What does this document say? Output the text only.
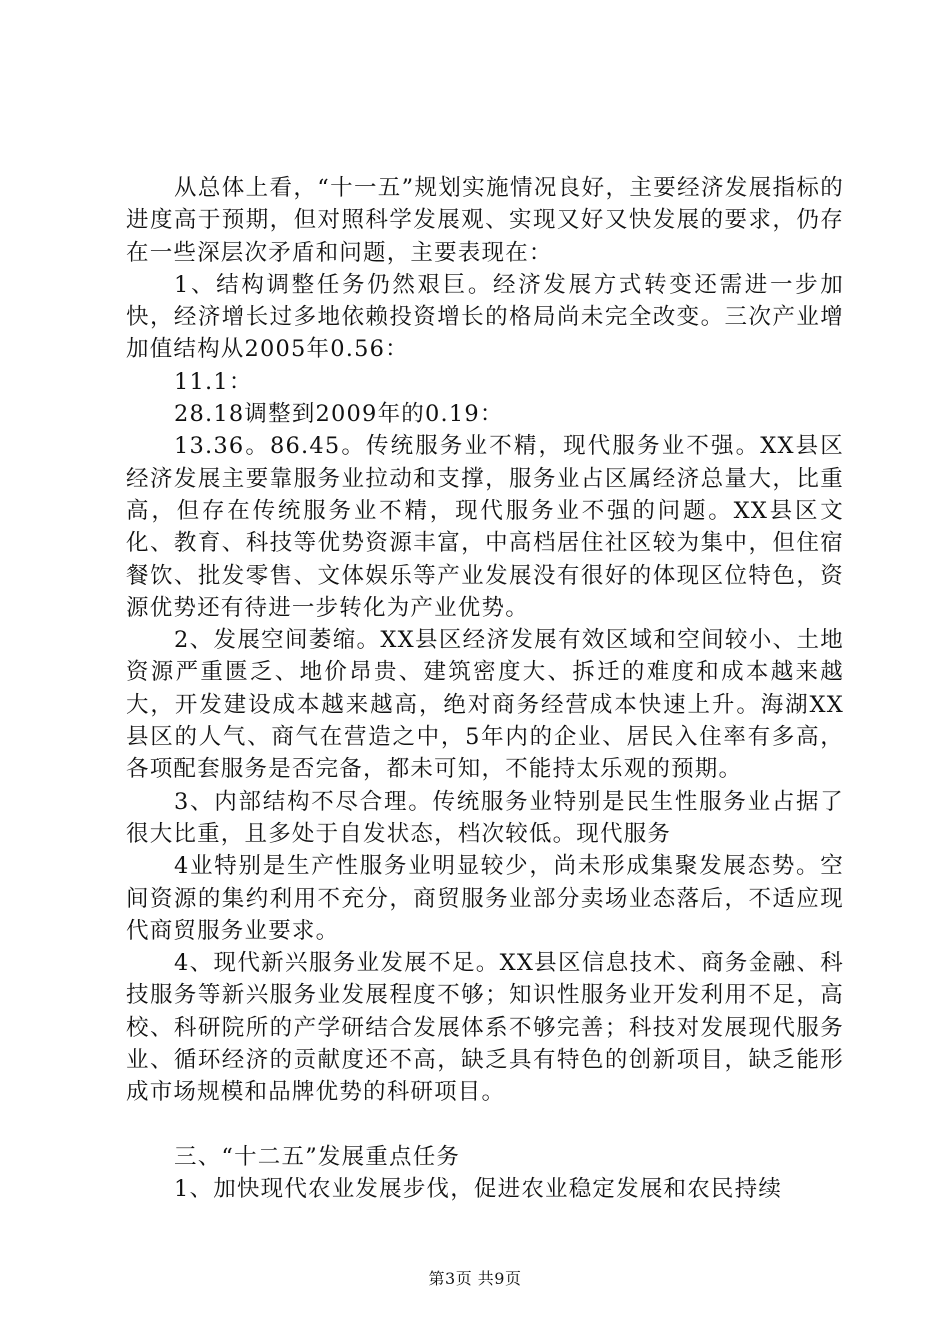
从总体上看，“十一五”规划实施情况良好，主要经济发展指标的进度高于预期，但对照科学发展观、实现又好又快发展的要求，仍存在一些深层次矛盾和问题，主要表现在：

1、结构调整任务仍然艰巨。经济发展方式转变还需进一步加快，经济增长过多地依赖投资增长的格局尚未完全改变。三次产业增加值结构从2005年0.56：

11.1：

28.18调整到2009年的0.19：

13.36。86.45。传统服务业不精，现代服务业不强。XX县区经济发展主要靠服务业拉动和支撑，服务业占区属经济总量大，比重高，但存在传统服务业不精，现代服务业不强的问题。XX县区文化、教育、科技等优势资源丰富，中高档居住社区较为集中，但住宿餐饮、批发零售、文体娱乐等产业发展没有很好的体现区位特色，资源优势还有待进一步转化为产业优势。

2、发展空间萎缩。XX县区经济发展有效区域和空间较小、土地资源严重匮乏、地价昂贵、建筑密度大、拆迁的难度和成本越来越大，开发建设成本越来越高，绝对商务经营成本快速上升。海湖XX县区的人气、商气在营造之中，5年内的企业、居民入住率有多高，各项配套服务是否完备，都未可知，不能持太乐观的预期。

3、内部结构不尽合理。传统服务业特别是民生性服务业占据了很大比重，且多处于自发状态，档次较低。现代服务

4业特别是生产性服务业明显较少，尚未形成集聚发展态势。空间资源的集约利用不充分，商贸服务业部分卖场业态落后，不适应现代商贸服务业要求。

4、现代新兴服务业发展不足。XX县区信息技术、商务金融、科技服务等新兴服务业发展程度不够；知识性服务业开发利用不足，高校、科研院所的产学研结合发展体系不够完善；科技对发展现代服务业、循环经济的贡献度还不高，缺乏具有特色的创新项目，缺乏能形成市场规模和品牌优势的科研项目。

三、“十二五”发展重点任务

1、加快现代农业发展步伐，促进农业稳定发展和农民持续

第3页 共9页
